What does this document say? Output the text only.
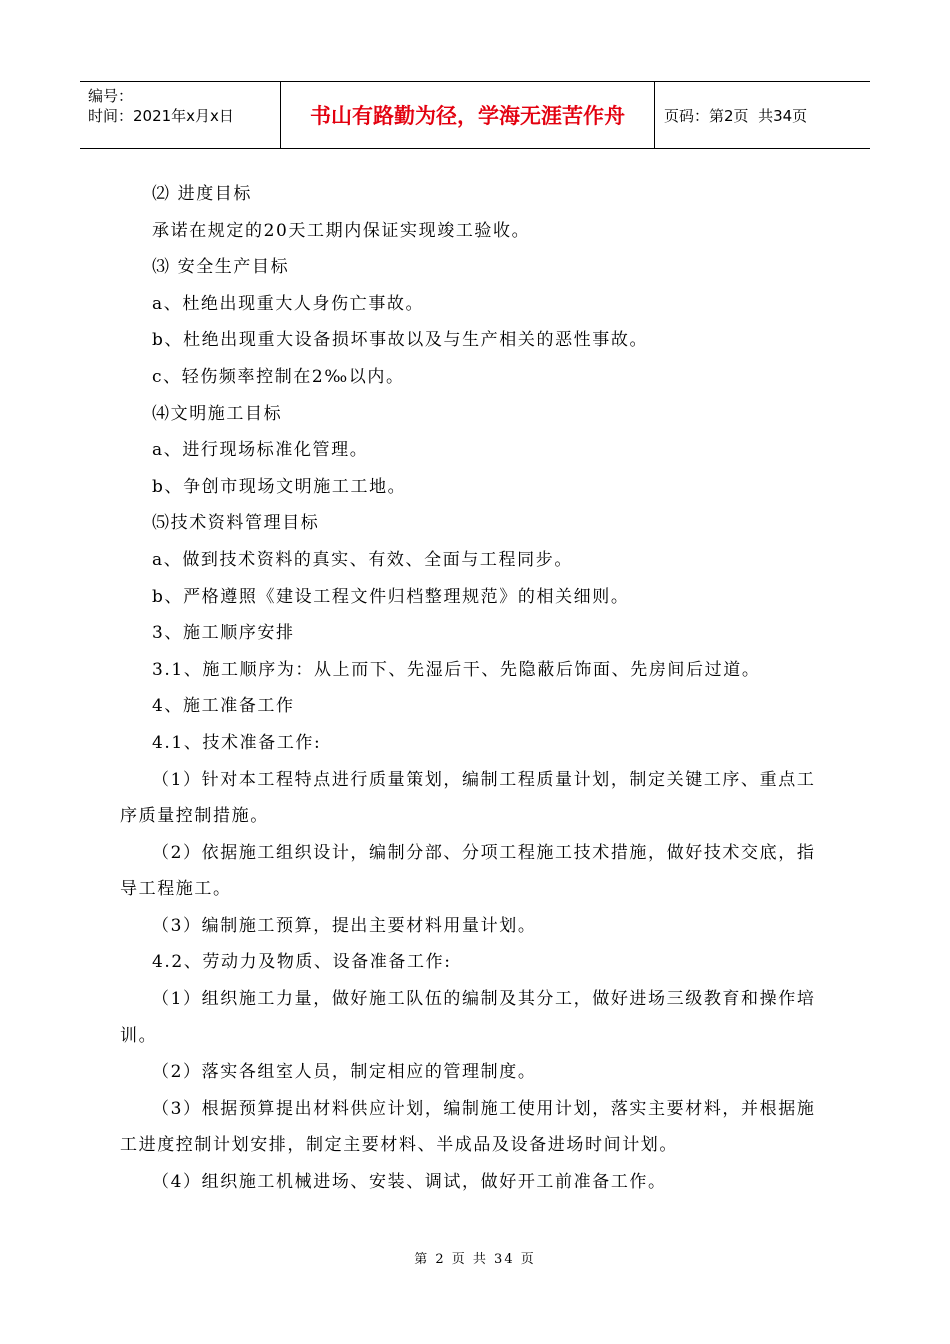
编号：
时间：2021年x月x日	书山有路勤为径，学海无涯苦作舟	页码：第2页  共34页

⑵ 进度目标

承诺在规定的20天工期内保证实现竣工验收。

⑶ 安全生产目标

a、杜绝出现重大人身伤亡事故。

b、杜绝出现重大设备损坏事故以及与生产相关的恶性事故。

c、轻伤频率控制在2‰以内。

⑷文明施工目标

a、进行现场标准化管理。

b、争创市现场文明施工工地。

⑸技术资料管理目标

a、做到技术资料的真实、有效、全面与工程同步。

b、严格遵照《建设工程文件归档整理规范》的相关细则。

3、施工顺序安排

3.1、施工顺序为：从上而下、先湿后干、先隐蔽后饰面、先房间后过道。

4、施工准备工作

4.1、技术准备工作:

（1）针对本工程特点进行质量策划，编制工程质量计划，制定关键工序、重点工

序质量控制措施。

（2）依据施工组织设计，编制分部、分项工程施工技术措施，做好技术交底，指

导工程施工。

（3）编制施工预算，提出主要材料用量计划。

4.2、劳动力及物质、设备准备工作:

（1）组织施工力量，做好施工队伍的编制及其分工，做好进场三级教育和操作培

训。

（2）落实各组室人员，制定相应的管理制度。

（3）根据预算提出材料供应计划，编制施工使用计划，落实主要材料，并根据施

工进度控制计划安排，制定主要材料、半成品及设备进场时间计划。

（4）组织施工机械进场、安装、调试，做好开工前准备工作。

第 2 页 共 34 页
